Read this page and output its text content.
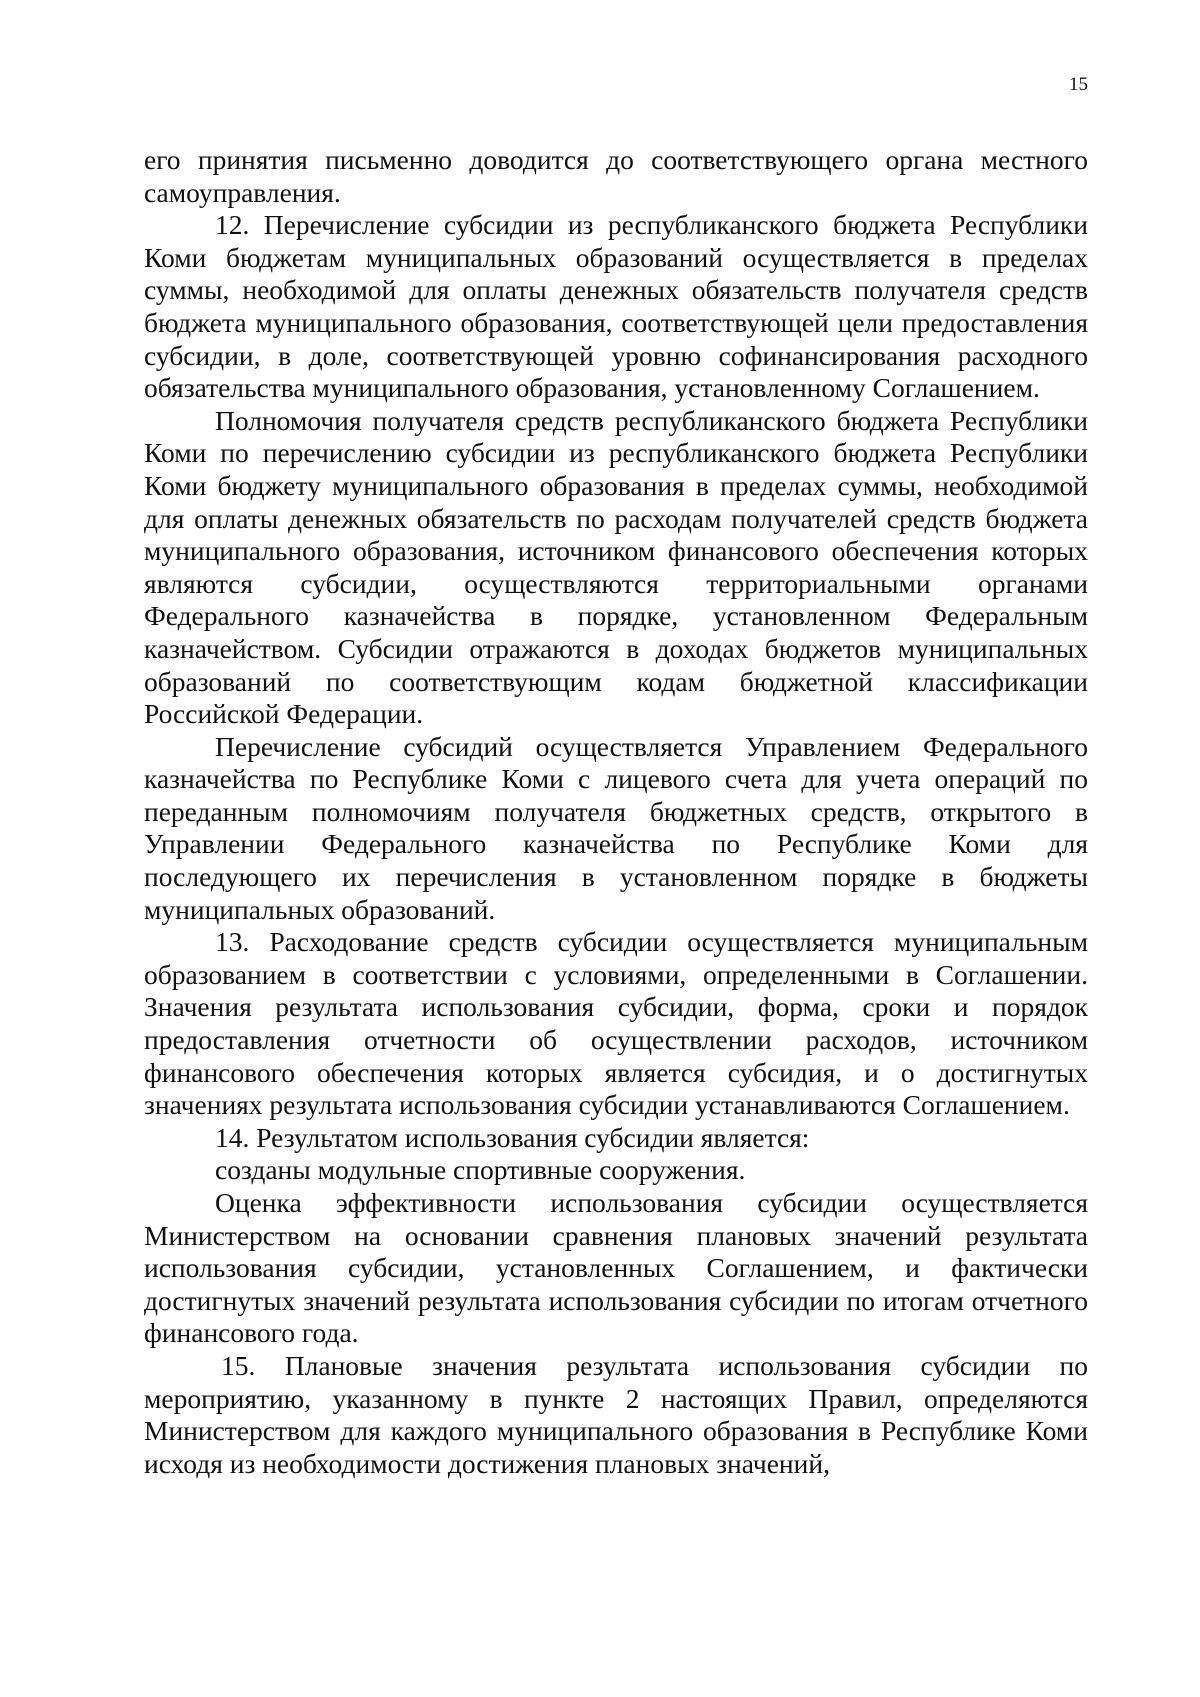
15

его принятия письменно доводится до соответствующего органа местного самоуправления.

12. Перечисление субсидии из республиканского бюджета Республики Коми бюджетам муниципальных образований осуществляется в пределах суммы, необходимой для оплаты денежных обязательств получателя средств бюджета муниципального образования, соответствующей цели предоставления субсидии, в доле, соответствующей уровню софинансирования расходного обязательства муниципального образования, установленному Соглашением.

Полномочия получателя средств республиканского бюджета Республики Коми по перечислению субсидии из республиканского бюджета Республики Коми бюджету муниципального образования в пределах суммы, необходимой для оплаты денежных обязательств по расходам получателей средств бюджета муниципального образования, источником финансового обеспечения которых являются субсидии, осуществляются территориальными органами Федерального казначейства в порядке, установленном Федеральным казначейством. Субсидии отражаются в доходах бюджетов муниципальных образований по соответствующим кодам бюджетной классификации Российской Федерации.

Перечисление субсидий осуществляется Управлением Федерального казначейства по Республике Коми с лицевого счета для учета операций по переданным полномочиям получателя бюджетных средств, открытого в Управлении Федерального казначейства по Республике Коми для последующего их перечисления в установленном порядке в бюджеты муниципальных образований.

13. Расходование средств субсидии осуществляется муниципальным образованием в соответствии с условиями, определенными в Соглашении. Значения результата использования субсидии, форма, сроки и порядок предоставления отчетности об осуществлении расходов, источником финансового обеспечения которых является субсидия, и о достигнутых значениях результата использования субсидии устанавливаются Соглашением.

14. Результатом использования субсидии является:

созданы модульные спортивные сооружения.

Оценка эффективности использования субсидии осуществляется Министерством на основании сравнения плановых значений результата использования субсидии, установленных Соглашением, и фактически достигнутых значений результата использования субсидии по итогам отчетного финансового года.

15. Плановые значения результата использования субсидии по мероприятию, указанному в пункте 2 настоящих Правил, определяются Министерством для каждого муниципального образования в Республике Коми исходя из необходимости достижения плановых значений,
